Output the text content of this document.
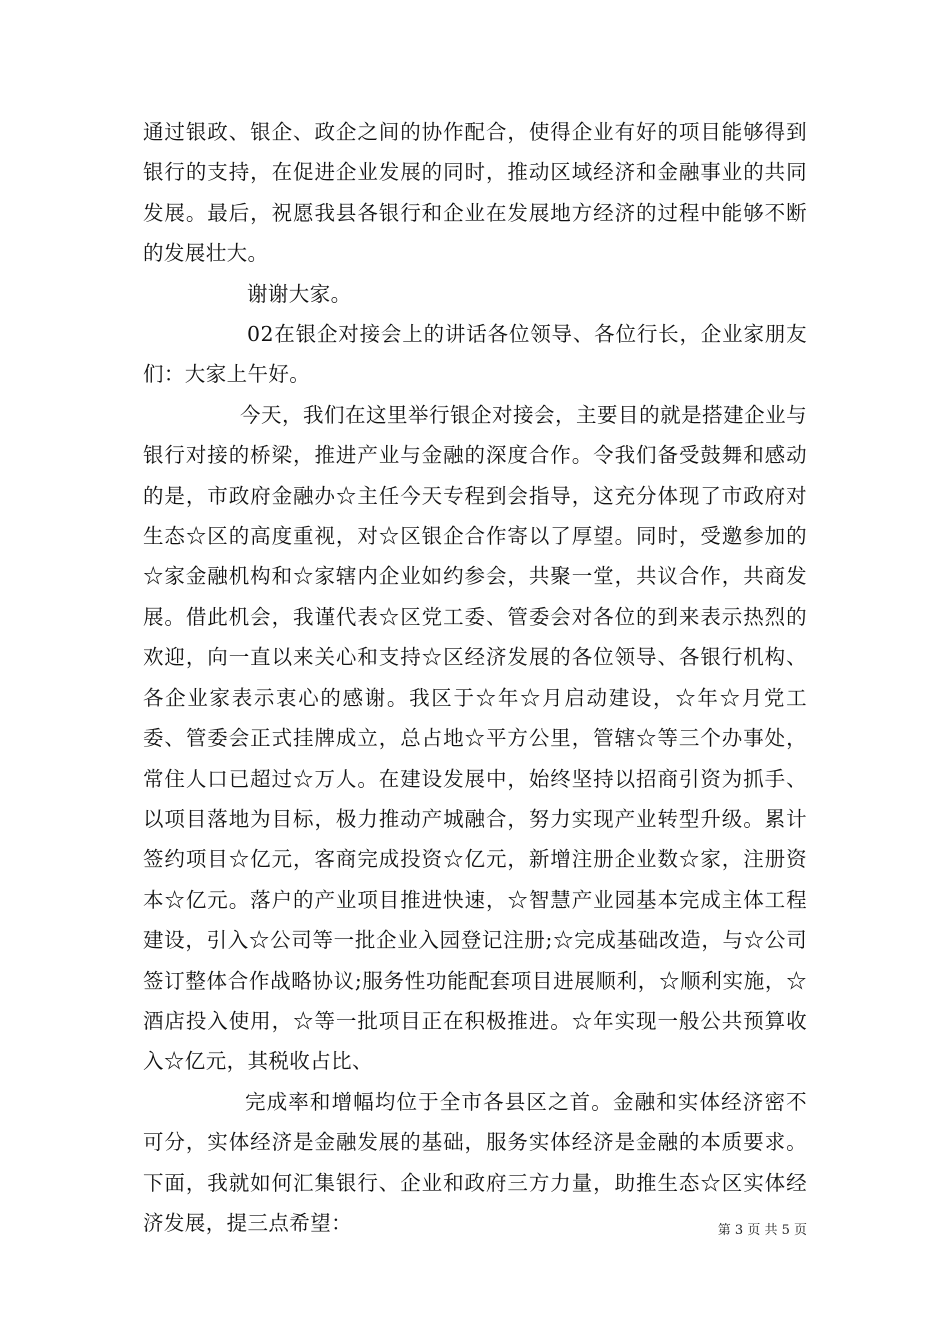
通过银政、银企、政企之间的协作配合，使得企业有好的项目能够得到银行的支持，在促进企业发展的同时，推动区域经济和金融事业的共同发展。最后，祝愿我县各银行和企业在发展地方经济的过程中能够不断的发展壮大。

谢谢大家。

02在银企对接会上的讲话各位领导、各位行长，企业家朋友们：大家上午好。

今天，我们在这里举行银企对接会，主要目的就是搭建企业与银行对接的桥梁，推进产业与金融的深度合作。令我们备受鼓舞和感动的是，市政府金融办☆主任今天专程到会指导，这充分体现了市政府对生态☆区的高度重视，对☆区银企合作寄以了厚望。同时，受邀参加的☆家金融机构和☆家辖内企业如约参会，共聚一堂，共议合作，共商发展。借此机会，我谨代表☆区党工委、管委会对各位的到来表示热烈的欢迎，向一直以来关心和支持☆区经济发展的各位领导、各银行机构、各企业家表示衷心的感谢。我区于☆年☆月启动建设，☆年☆月党工委、管委会正式挂牌成立，总占地☆平方公里，管辖☆等三个办事处，常住人口已超过☆万人。在建设发展中，始终坚持以招商引资为抓手、以项目落地为目标，极力推动产城融合，努力实现产业转型升级。累计签约项目☆亿元，客商完成投资☆亿元，新增注册企业数☆家，注册资本☆亿元。落户的产业项目推进快速，☆智慧产业园基本完成主体工程建设，引入☆公司等一批企业入园登记注册;☆完成基础改造，与☆公司签订整体合作战略协议;服务性功能配套项目进展顺利，☆顺利实施，☆酒店投入使用，☆等一批项目正在积极推进。☆年实现一般公共预算收入☆亿元，其税收占比、

完成率和增幅均位于全市各县区之首。金融和实体经济密不可分，实体经济是金融发展的基础，服务实体经济是金融的本质要求。下面，我就如何汇集银行、企业和政府三方力量，助推生态☆区实体经济发展，提三点希望：	第 3 页 共 5 页
